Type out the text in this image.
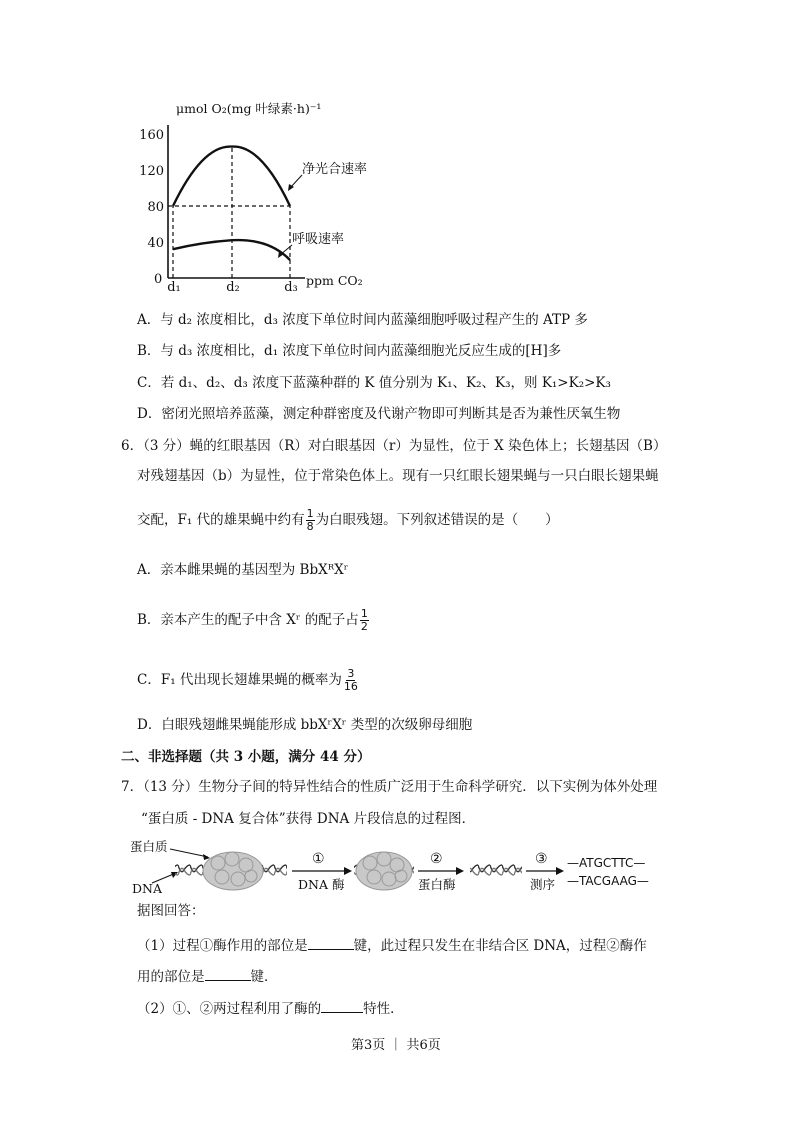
μmol O₂(mg 叶绿素·h)⁻¹
40
80
120
160
d₁	d₂	d₃
0	ppm CO₂
净光合速率
呼吸速率
A．与 d₂ 浓度相比，d₃ 浓度下单位时间内蓝藻细胞呼吸过程产生的 ATP 多
B．与 d₃ 浓度相比，d₁ 浓度下单位时间内蓝藻细胞光反应生成的[H]多
C．若 d₁、d₂、d₃ 浓度下蓝藻种群的 K 值分别为 K₁、K₂、K₃，则 K₁>K₂>K₃
D．密闭光照培养蓝藻，测定种群密度及代谢产物即可判断其是否为兼性厌氧生物
6．（3 分）蝇的红眼基因（R）对白眼基因（r）为显性，位于 X 染色体上；长翅基因（B）
对残翅基因（b）为显性，位于常染色体上。现有一只红眼长翅果蝇与一只白眼长翅果蝇
交配，F₁ 代的雄果蝇中约有 $\frac{1}{8}$ 为白眼残翅。下列叙述错误的是（　　）
A．亲本雌果蝇的基因型为 BbXᴿXʳ
B．亲本产生的配子中含 Xʳ 的配子占 $\frac{1}{2}$
C．F₁ 代出现长翅雄果蝇的概率为 $\frac{3}{16}$
D．白眼残翅雌果蝇能形成 bbXʳXʳ 类型的次级卵母细胞
二、非选择题（共 3 小题，满分 44 分）
7．（13 分）生物分子间的特异性结合的性质广泛用于生命科学研究．以下实例为体外处理
“蛋白质 - DNA 复合体”获得 DNA 片段信息的过程图．
蛋白质
DNA
①
DNA 酶
②
蛋白酶
③
测序
—ATGCTTC—
—TACGAAG—
据图回答：
（1）过程①酶作用的部位是	键，此过程只发生在非结合区 DNA，过程②酶作
用的部位是	键．
（2）①、②两过程利用了酶的	特性．
第3页 ｜ 共6页
